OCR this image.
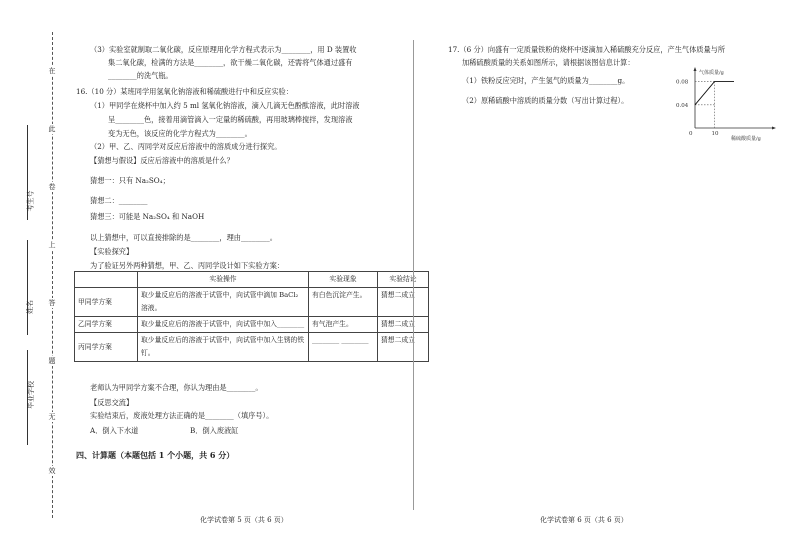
在
此
卷
上
答
题
无
效
考生号
姓名
毕业学校
（3）实验室就制取二氧化碳，反应原理用化学方程式表示为________，用 D 装置收
集二氧化碳，检满的方法是________，欲干燥二氧化碳，还需将气体通过盛有
________的洗气瓶。
16.（10 分）某班同学用氢氧化钠溶液和稀硫酸进行中和反应实验：
（1）甲同学在烧杯中加入约 5 ml 氢氧化钠溶液，滴入几滴无色酚酞溶液，此时溶液
呈________色，接着用滴管滴入一定量的稀硫酸，再用玻璃棒搅拌，发现溶液
变为无色，该反应的化学方程式为________。
（2）甲、乙、丙同学对反应后溶液中的溶质成分进行探究。
【猜想与假设】反应后溶液中的溶质是什么？
猜想一：只有 Na₂SO₄；
猜想二：________
猜想三：可能是 Na₂SO₄ 和 NaOH
以上猜想中，可以直接排除的是________，理由________。
【实验探究】
为了验证另外两种猜想，甲、乙、丙同学设计如下实验方案：
	实验操作	实验现象	实验结论
甲同学方案	取少量反应后的溶液于试管中，向试管中滴加 BaCl₂ 溶液。	有白色沉淀产生。	猜想二成立
乙同学方案	取少量反应后的溶液于试管中，向试管中加入________	有气泡产生。	猜想二成立
丙同学方案	取少量反应后的溶液于试管中，向试管中加入生锈的铁钉。	________ ________	猜想二成立
老师认为甲同学方案不合理，你认为理由是________。
【反思交流】
实验结束后，废液处理方法正确的是________（填序号）。
A．倒入下水道	B．倒入废液缸
四、计算题（本题包括 1 个小题，共 6 分）
化学试卷第 5 页（共 6 页）
17.（6 分）向盛有一定质量铁粉的烧杯中逐滴加入稀硫酸充分反应，产生气体质量与所
加稀硫酸质量的关系如图所示，请根据该图信息计算：
（1）铁粉反应完时，产生氢气的质量为________g。
（2）原稀硫酸中溶质的质量分数（写出计算过程）。
气体质量/g
稀硫酸质量/g
0
0.08
0.04
10
化学试卷第 6 页（共 6 页）
